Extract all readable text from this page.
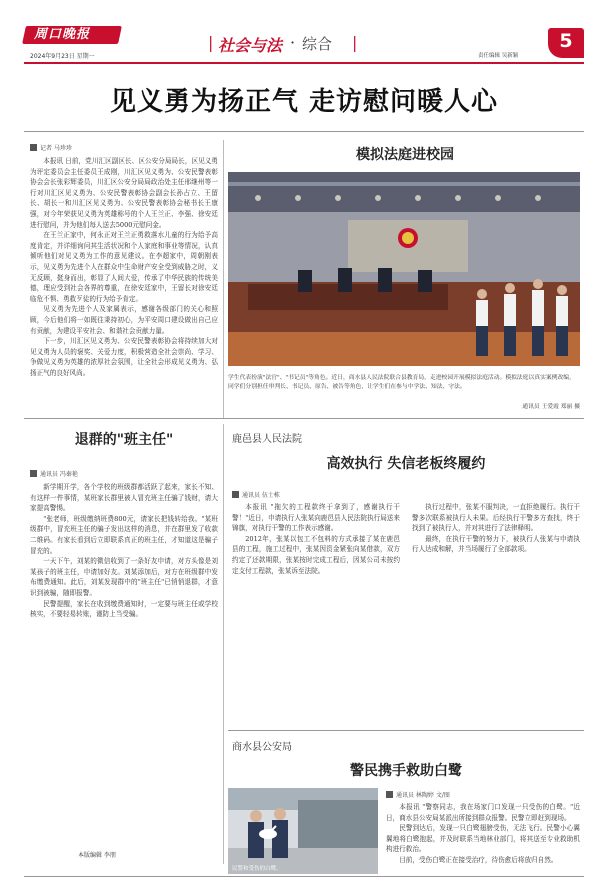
周口晚报
2024年9月23日 星期一
| 社会与法 · 综合 |
责任编辑 吴新颖
5
见义勇为扬正气 走访慰问暖人心
记者 马珍珍

本报讯 日前，党川汇区副区长、区公安分局局长，区见义勇为评定委员会主任委员王成刚，川汇区见义勇为、公安民警表彰协会会长张彩辉委员，川汇区公安分局局政治处主任邢继州等一行对川汇区见义勇为、公安民警表彰协会副会长孙占立、王留长、胡长一和川汇区见义勇为、公安民警表彰协会秘书长王康强，对今年荣获见义勇为英雄称号的个人王兰正、李强、徐安廷进行慰问，并为他们每人送去5000元慰问金。

在王兰正家中，何永正对王兰正勇救落水儿童的行为给予高度肯定，并详细询问其生活状况和个人家庭和事业等情况，认真倾听他们对见义勇为工作的意见建议。在李超家中，周朝刚表示，见义勇为先进个人在群众中生命财产安全受到威胁之时，义无反顾，挺身而出，彰显了人间大爱，传承了中华民族的传统美德，理应受到社会各界的尊重，在徐安廷家中，王留长对徐安廷临危不惧、勇救歹徒的行为给予肯定。

见义勇为先进个人及家属表示，感谢各级部门的关心和照顾，今后他们将一如既往秉持初心，为平安周口建设做出自己应有贡献，为建设平安社会、和谐社会贡献力量。

下一步，川汇区见义勇为、公安民警表彰协会将持续加大对见义勇为人员的褒奖、关爱力度，积极营造全社会崇尚、学习、争做见义勇为英雄的浓厚社会氛围，让全社会形成见义勇为、弘扬正气的良好风尚。

模拟法庭进校园
学生代表扮演"法官"、"书记员"等角色。近日，商水县人民法院联合县教育局，走进校园开展模拟法庭活动。模拟法庭以真实案例改编，同学们分别担任审判长、书记员、原告、被告等角色，让学生们在参与中学法、知法、守法。
通讯员 王爱霞 郑丽 摄
退群的"班主任"
通讯员 冯秦艳

新学期开学，各个学校的班级群都活跃了起来，家长不知、有这样一件事情，某班家长群里被人冒充班主任骗了钱财，请大家提高警惕。

"张老师，班级缴纳班费800元，请家长把钱转给我。"某班级群中，冒充班主任的骗子发出这样的消息，并在群里发了收款二维码。有家长看到后立即联系真正的班主任，才知道这是骗子冒充的。

一天下午，刘某的微信收到了一条好友申请，对方头像是刘某孩子的班主任，申请加好友。刘某添加后，对方在班级群中发布缴费通知。此后，刘某发现群中的"班主任"已悄悄退群，才意识到被骗，随即报警。

民警提醒，家长在收到缴费通知时，一定要与班主任或学校核实，不要轻易转账，谨防上当受骗。

本版编辑 李朋
鹿邑县人民法院
高效执行 失信老板终履约
通讯员 伍士栋

本报讯 "拖欠的工程款终于拿到了，感谢执行干警！"近日，申请执行人张某向鹿邑县人民法院执行局送来锦旗，对执行干警的工作表示感谢。

2012年，张某以包工不包料的方式承接了某在鹿邑县的工程，施工过程中，张某因资金紧张向某借款，双方约定了还款期限，张某按时完成工程后，因某公司未按约定支付工程款，张某诉至法院。

执行过程中，张某不服判决，一直拒绝履行。执行干警多次联系被执行人未果。后经执行干警多方查找，终于找到了被执行人，并对其进行了法律释明。

最终，在执行干警的努力下，被执行人张某与申请执行人达成和解，并当场履行了全部款项。

商水县公安局
警民携手救助白鹭
民警和受伤的白鹭。
通讯员 林陶婷 文/图

本报讯 "警察同志，我在场家门口发现一只受伤的白鹭。"近日，商水县公安局某派出所接到群众报警。民警立即赶到现场。

民警到达后，发现一只白鹭翅膀受伤，无法飞行。民警小心翼翼地将白鹭抱起，并及时联系当地林业部门，将其送至专业救助机构进行救治。

目前，受伤白鹭正在接受治疗，待伤愈后将放归自然。
